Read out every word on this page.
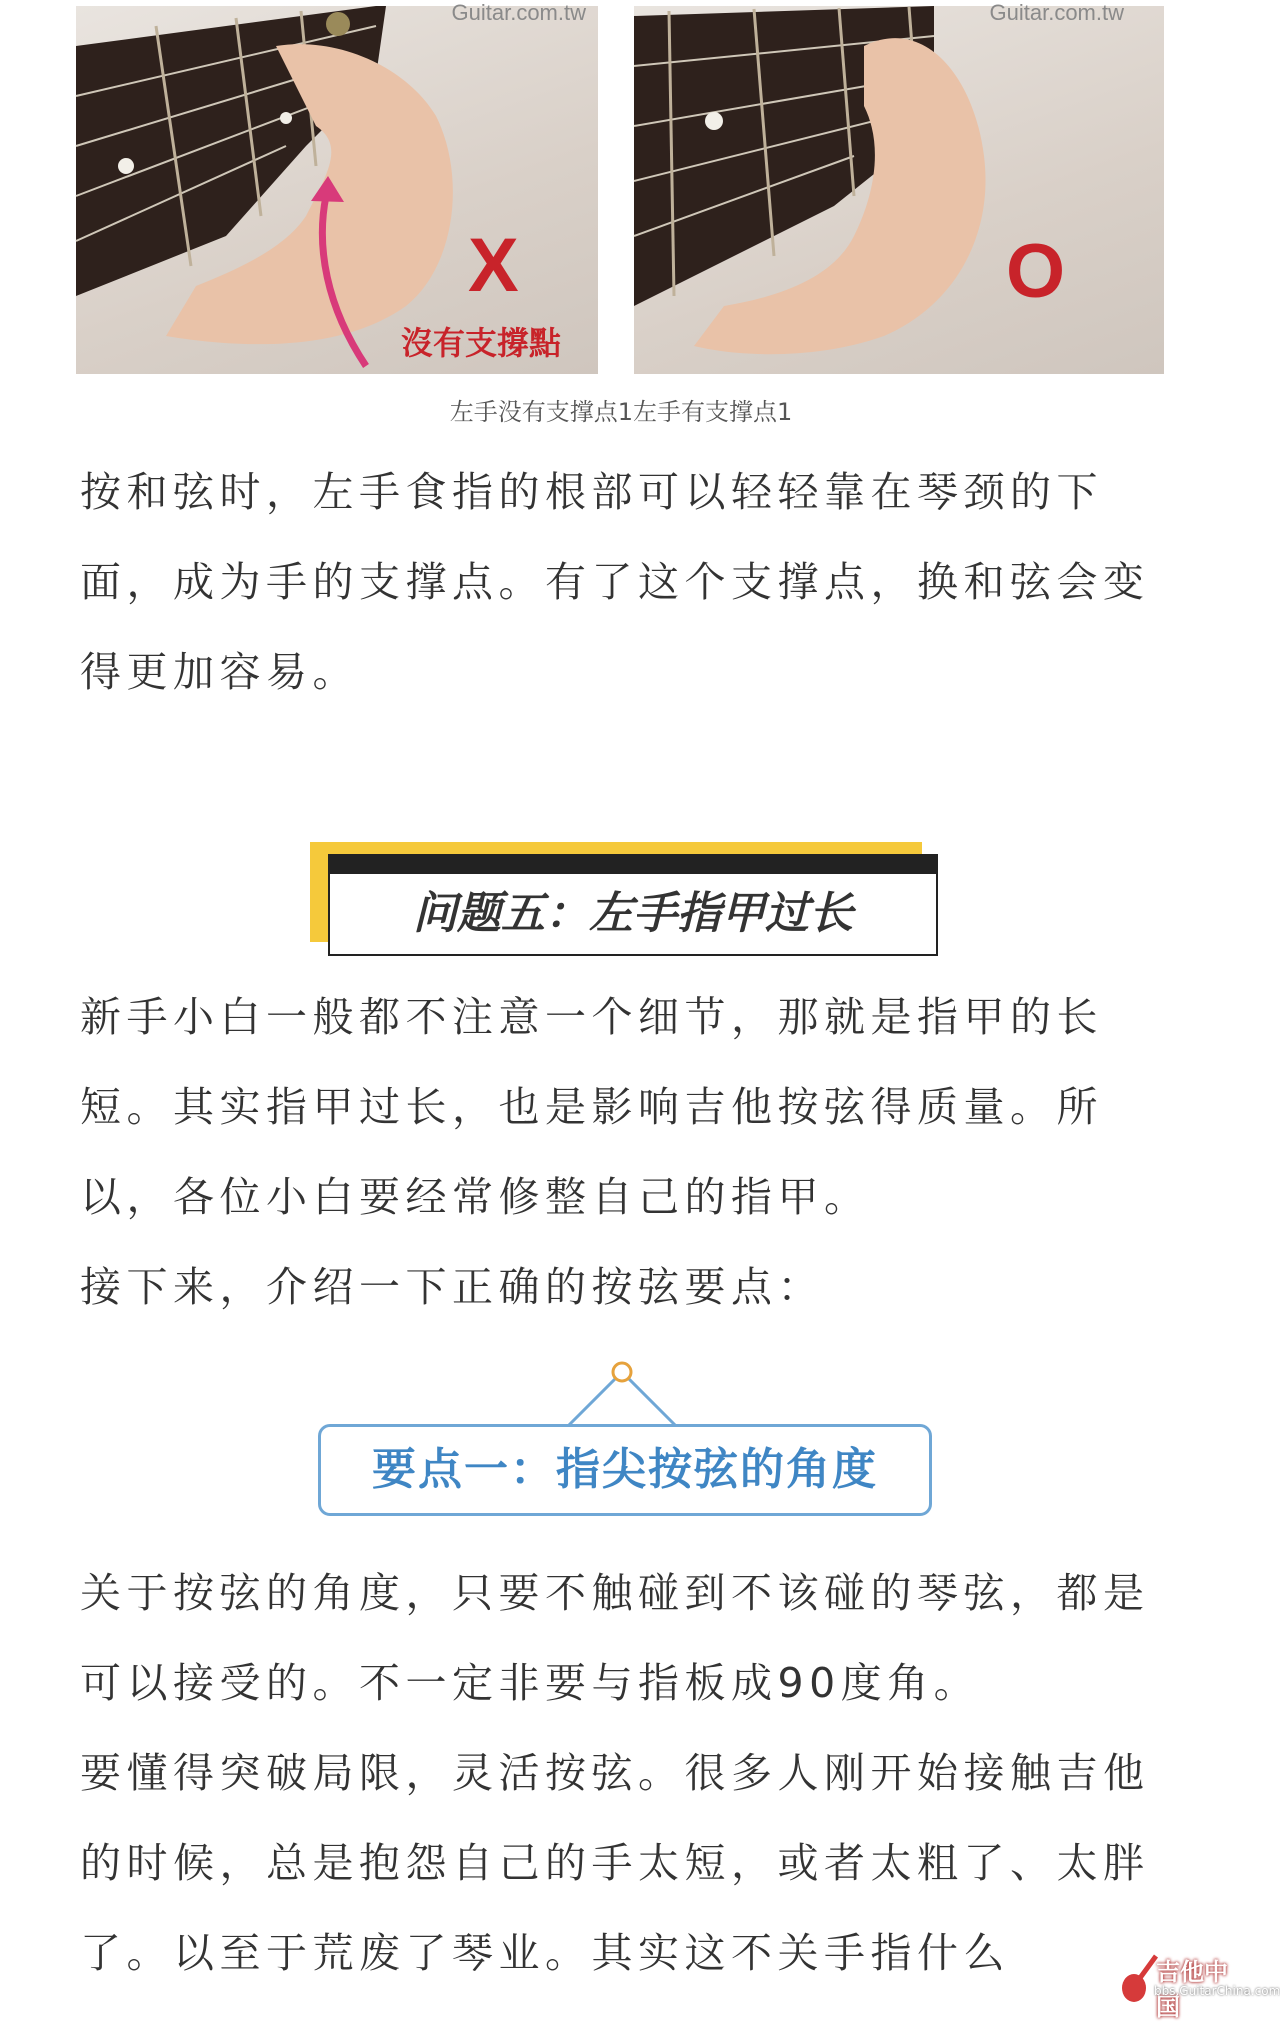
Guitar.com.tw
X
沒有支撐點
Guitar.com.tw
O
左手没有支撑点1左手有支撑点1

按和弦时，左手食指的根部可以轻轻靠在琴颈的下面，成为手的支撑点。有了这个支撑点，换和弦会变得更加容易。

问题五：左手指甲过长

新手小白一般都不注意一个细节，那就是指甲的长短。其实指甲过长，也是影响吉他按弦得质量。所以，各位小白要经常修整自己的指甲。

接下来，介绍一下正确的按弦要点：

要点一：指尖按弦的角度

关于按弦的角度，只要不触碰到不该碰的琴弦，都是可以接受的。不一定非要与指板成90度角。

要懂得突破局限，灵活按弦。很多人刚开始接触吉他的时候，总是抱怨自己的手太短，或者太粗了、太胖了。以至于荒废了琴业。其实这不关手指什么	吉他中国
bbs.GuitarChina.com
